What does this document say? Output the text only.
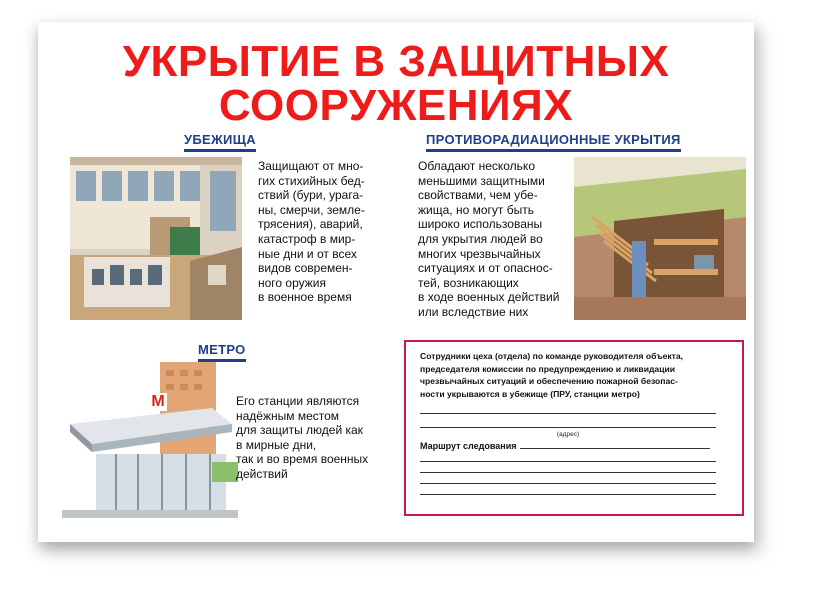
УКРЫТИЕ В ЗАЩИТНЫХ
СООРУЖЕНИЯХ
УБЕЖИЩА
Защищают от мно-
гих стихийных бед-
ствий (бури, урага-
ны, смерчи, земле-
трясения), аварий,
катастроф в мир-
ные дни и от всех
видов современ-
ного оружия
в военное время
ПРОТИВОРАДИАЦИОННЫЕ УКРЫТИЯ
Обладают несколько
меньшими защитными
свойствами, чем убе-
жища, но могут быть
широко использованы
для укрытия людей во
многих чрезвычайных
ситуациях и от опаснос-
тей, возникающих
в ходе военных действий
или вследствие них
МЕТРО
М	Его станции являются
надёжным местом
для защиты людей как
в мирные дни,
так и во время военных
действий
Сотрудники цеха (отдела) по команде руководителя объекта,
председателя комиссии по предупреждению и ликвидации
чрезвычайных ситуаций и обеспечению пожарной безопас-
ности укрываются в убежище (ПРУ, станции метро)
(адрес)
Маршрут следования
